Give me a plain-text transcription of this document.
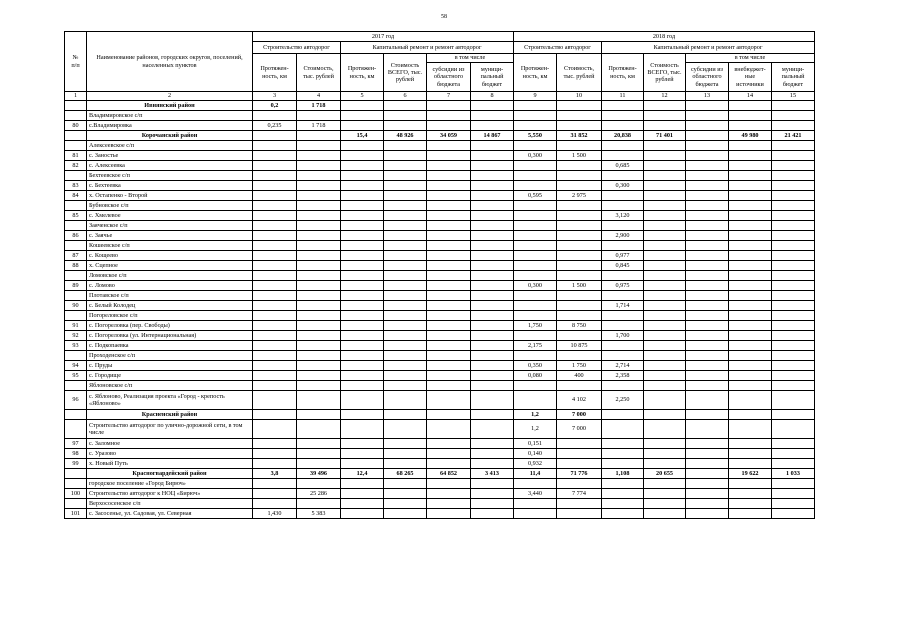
58
№
п/п	Наименование районов, городских округов, поселений, населенных пунктов	2017 год						2018 год						
		Строительство автодорог		Капитальный ремонт и ремонт автодорог				Строительство автодорог		Капитальный ремонт и ремонт автодорог				
		Протяжен-ность, км	Стоимость, тыс. рублей	Протяжен-ность, км	Стоимость ВСЕГО, тыс. рублей	в том числе		Протяжен-ность, км	Стоимость, тыс. рублей	Протяжен-ность, км	Стоимость ВСЕГО, тыс. рублей	в том числе		
						субсидии из областного бюджета	муници-пальный бюджет					субсидии из областного бюджета	внебюджет-ные источники	муници-пальный бюджет
1	2	3	4	5	6	7	8	9	10	11	12	13	14	15
	Ивнянский район	0,2	1 718											
	Владимировское с/п													
80	с.Владимировка	0,235	1 718											
	Корочанский район			15,4	48 926	34 059	14 867	5,550	31 852	20,838	71 401		49 980	21 421
	Алексеевское с/п													
81	с. Заностье							0,300	1 500					
82	с. Алексеевка									0,685				
	Бехтеевское с/п													
83	с. Бехтеевка									0,300				
84	х. Остапенко - Второй							0,595	2 975					
	Бубновское с/п													
85	с. Хмелевое									3,120				
	Заяченское с/п													
86	с. Заячье									2,900				
	Кошеевское с/п													
87	с. Кощеево									0,977				
88	х. Сцепное									0,845				
	Ломовское с/п													
89	с. Ломово							0,300	1 500	0,975				
	Плотавское с/п													
90	с. Белый Колодец									1,714				
	Погореловское с/п													
91	с. Погореловка (пер. Свободы)							1,750	8 750					
92	с. Погореловка (ул. Интернациональная)									1,700				
93	с. Подкопаевка							2,175	10 875					
	Проходенское с/п													
94	с. Пруды							0,350	1 750	2,714				
95	с. Городище							0,080	400	2,358				
	Яблоновское с/п													
96	с. Яблоново, Реализация проекта «Город - крепость «Яблоново»								4 102	2,250				
	Красненский район							1,2	7 000					
	Строительство автодорог по улично-дорожной сети, в том числе							1,2	7 000					
97	с. Заломное							0,151						
98	с. Уразово							0,140						
99	х. Новый Путь							0,932						
	Красногвардейский район	3,8	39 496	12,4	68 265	64 852	3 413	11,4	71 776	1,108	20 655		19 622	1 033
	городское поселение «Город Бирюч»													
100	Строительство автодорог к НОЦ «Бирюч»		25 286					3,440	7 774					
	Верхососенское с/п													
101	с. Засосенье, ул. Садовая, ул. Северная	1,430	5 383											
